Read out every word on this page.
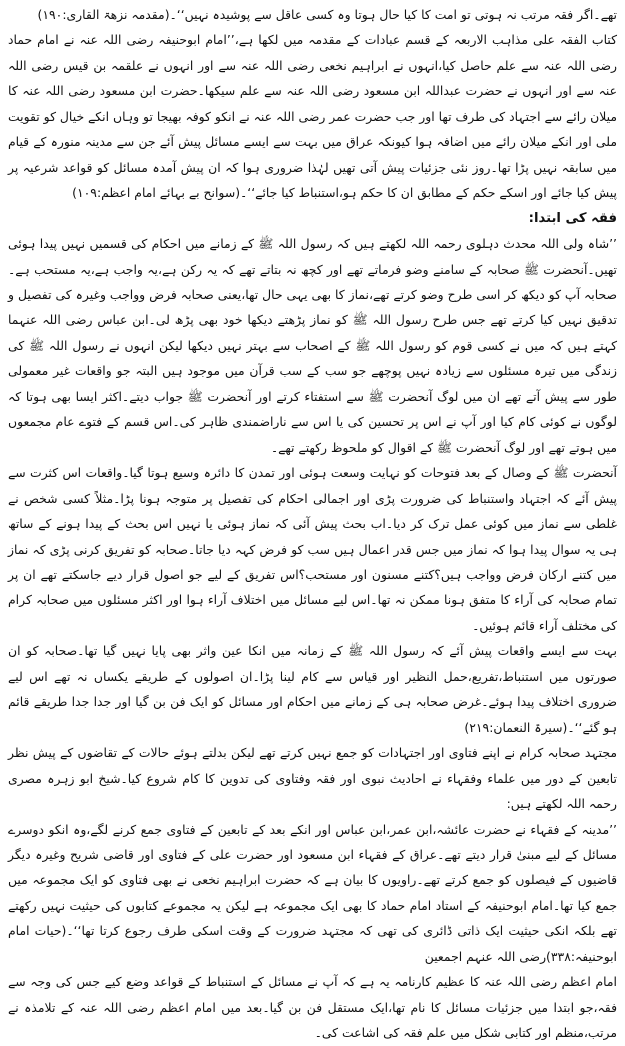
تھے۔اگر فقہ مرتب نہ ہوتی تو امت کا کیا حال ہوتا وہ کسی عاقل سے پوشیدہ نہیں‘‘۔(مقدمہ نزھۃ القاری:۱۹۰)

کتاب الفقہ علی مذاہب الاربعہ کے قسم عبادات کے مقدمہ میں لکھا ہے،’’امام ابوحنیفہ رضی اللہ عنہ نے امام حماد رضی اللہ عنہ سے علم حاصل کیا،انہوں نے ابراہیم نخعی رضی اللہ عنہ سے اور انہوں نے علقمہ بن قیس رضی اللہ عنہ سے اور انہوں نے حضرت عبداللہ ابن مسعود رضی اللہ عنہ سے علم سیکھا۔حضرت ابن مسعود رضی اللہ عنہ کا میلان رائے سے اجتہاد کی طرف تھا اور جب حضرت عمر رضی اللہ عنہ نے انکو کوفہ بھیجا تو وہاں انکے خیال کو تقویت ملی اور انکے میلان رائے میں اضافہ ہوا کیونکہ عراق میں بہت سے ایسے مسائل پیش آئے جن سے مدینہ منورہ کے قیام میں سابقہ نہیں پڑا تھا۔روز نئی جزئیات پیش آتی تھیں لہٰذا ضروری ہوا کہ ان پیش آمدہ مسائل کو قواعد شرعیہ پر پیش کیا جائے اور اسکے حکم کے مطابق ان کا حکم ہو،استنباط کیا جائے‘‘۔(سوانح بے بہائے امام اعظم:۱۰۹)

فقہ کی ابتدا:

’’شاہ ولی اللہ محدث دہلوی رحمہ اللہ لکھتے ہیں کہ رسول اللہ ﷺ کے زمانے میں احکام کی قسمیں نہیں پیدا ہوئی تھیں۔آنحضرت ﷺ صحابہ کے سامنے وضو فرماتے تھے اور کچھ نہ بتاتے تھے کہ یہ رکن ہے،یہ واجب ہے،یہ مستحب ہے۔صحابہ آپ کو دیکھ کر اسی طرح وضو کرتے تھے،نماز کا بھی یہی حال تھا،یعنی صحابہ فرض وواجب وغیرہ کی تفصیل و تدقیق نہیں کیا کرتے تھے جس طرح رسول اللہ ﷺ کو نماز پڑھتے دیکھا خود بھی پڑھ لی۔ابن عباس رضی اللہ عنہما کہتے ہیں کہ میں نے کسی قوم کو رسول اللہ ﷺ کے اصحاب سے بہتر نہیں دیکھا لیکن انہوں نے رسول اللہ ﷺ کی زندگی میں تیرہ مسئلوں سے زیادہ نہیں پوچھے جو سب کے سب قرآن میں موجود ہیں البتہ جو واقعات غیر معمولی طور سے پیش آتے تھے ان میں لوگ آنحضرت ﷺ سے استفتاء کرتے اور آنحضرت ﷺ جواب دیتے۔اکثر ایسا بھی ہوتا کہ لوگوں نے کوئی کام کیا اور آپ نے اس پر تحسین کی یا اس سے ناراضمندی ظاہر کی۔اس قسم کے فتوے عام مجمعوں میں ہوتے تھے اور لوگ آنحضرت ﷺ کے اقوال کو ملحوظ رکھتے تھے۔

آنحضرت ﷺ کے وصال کے بعد فتوحات کو نہایت وسعت ہوئی اور تمدن کا دائرہ وسیع ہوتا گیا۔واقعات اس کثرت سے پیش آئے کہ اجتہاد واستنباط کی ضرورت پڑی اور اجمالی احکام کی تفصیل پر متوجہ ہونا پڑا۔مثلاً کسی شخص نے غلطی سے نماز میں کوئی عمل ترک کر دیا۔اب بحث پیش آئی کہ نماز ہوئی یا نہیں اس بحث کے پیدا ہونے کے ساتھ ہی یہ سوال پیدا ہوا کہ نماز میں جس قدر اعمال ہیں سب کو فرض کہہ دیا جاتا۔صحابہ کو تفریق کرنی پڑی کہ نماز میں کتنے ارکان فرض وواجب ہیں؟کتنے مسنون اور مستحب؟اس تفریق کے لیے جو اصول قرار دیے جاسکتے تھے ان پر تمام صحابہ کی آراء کا متفق ہونا ممکن نہ تھا۔اس لیے مسائل میں اختلاف آراء ہوا اور اکثر مسئلوں میں صحابہ کرام کی مختلف آراء قائم ہوئیں۔

بہت سے ایسے واقعات پیش آئے کہ رسول اللہ ﷺ کے زمانہ میں انکا عین واثر بھی پایا نہیں گیا تھا۔صحابہ کو ان صورتوں میں استنباط،تفریع،حمل النظیر اور قیاس سے کام لینا پڑا۔ان اصولوں کے طریقے یکساں نہ تھے اس لیے ضروری اختلاف پیدا ہوئے۔غرض صحابہ ہی کے زمانے میں احکام اور مسائل کو ایک فن بن گیا اور جدا جدا طریقے قائم ہو گئے‘‘۔(سیرۃ النعمان:۲۱۹)

مجتہد صحابہ کرام نے اپنے فتاوی اور اجتہادات کو جمع نہیں کرتے تھے لیکن بدلتے ہوئے حالات کے تقاضوں کے پیش نظر تابعین کے دور میں علماء وفقہاء نے احادیث نبوی اور فقہ وفتاوی کی تدوین کا کام شروع کیا۔شیخ ابو زہرہ مصری رحمہ اللہ لکھتے ہیں:

’’مدینہ کے فقہاء نے حضرت عائشہ،ابن عمر،ابن عباس اور انکے بعد کے تابعین کے فتاوی جمع کرنے لگے،وہ انکو دوسرے مسائل کے لیے مبنیٰ قرار دیتے تھے۔عراق کے فقہاء ابن مسعود اور حضرت علی کے فتاوی اور قاضی شریح وغیرہ دیگر قاضیوں کے فیصلوں کو جمع کرتے تھے۔راویوں کا بیان ہے کہ حضرت ابراہیم نخعی نے بھی فتاوی کو ایک مجموعہ میں جمع کیا تھا۔امام ابوحنیفہ کے استاد امام حماد کا بھی ایک مجموعہ ہے لیکن یہ مجموعے کتابوں کی حیثیت نہیں رکھتے تھے بلکہ انکی حیثیت ایک ذاتی ڈائری کی تھی کہ مجتہد ضرورت کے وقت اسکی طرف رجوع کرتا تھا‘‘۔(حیات امام ابوحنیفہ:۳۳۸)رضی اللہ عنہم اجمعین

امام اعظم رضی اللہ عنہ کا عظیم کارنامہ یہ ہے کہ آپ نے مسائل کے استنباط کے قواعد وضع کیے جس کی وجہ سے فقہ،جو ابتدا میں جزئیات مسائل کا نام تھا،ایک مستقل فن بن گیا۔بعد میں امام اعظم رضی اللہ عنہ کے تلامذہ نے مرتب،منظم اور کتابی شکل میں علم فقہ کی اشاعت کی۔
